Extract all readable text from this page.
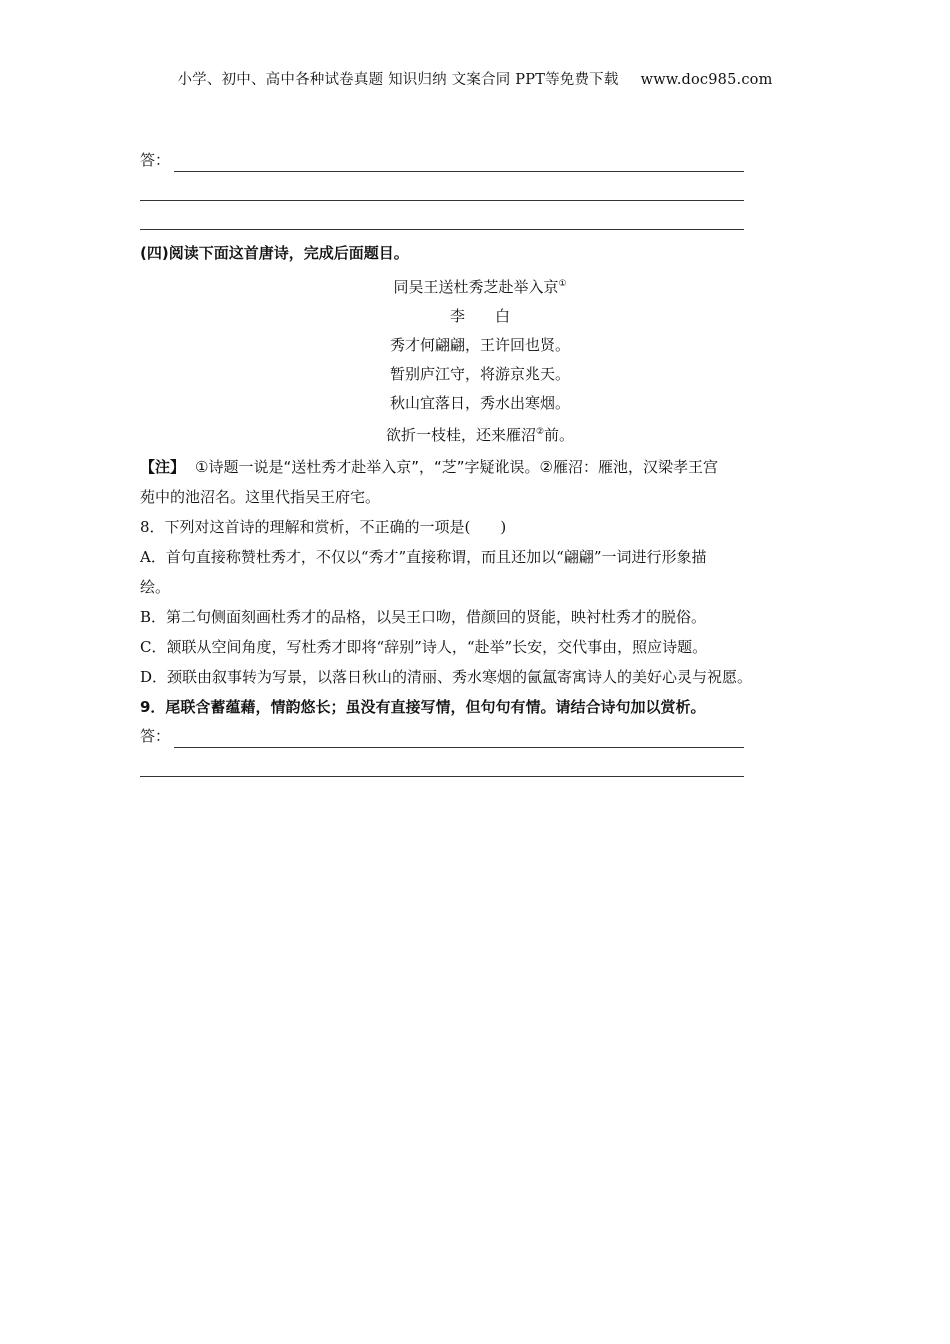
小学、初中、高中各种试卷真题 知识归纳 文案合同 PPT等免费下载 www.doc985.com
答：
(四)阅读下面这首唐诗，完成后面题目。
同吴王送杜秀芝赴举入京①
李 白
秀才何翩翩，王许回也贤。
暂别庐江守，将游京兆天。
秋山宜落日，秀水出寒烟。
欲折一枝桂，还来雁沼②前。
【注】 ①诗题一说是“送杜秀才赴举入京”，“芝”字疑讹误。②雁沼：雁池，汉梁孝王宫
苑中的池沼名。这里代指吴王府宅。
8．下列对这首诗的理解和赏析，不正确的一项是(　　)
A．首句直接称赞杜秀才，不仅以“秀才”直接称谓，而且还加以“翩翩”一词进行形象描
绘。
B．第二句侧面刻画杜秀才的品格，以吴王口吻，借颜回的贤能，映衬杜秀才的脱俗。
C．颔联从空间角度，写杜秀才即将“辞别”诗人，“赴举”长安，交代事由，照应诗题。
D．颈联由叙事转为写景，以落日秋山的清丽、秀水寒烟的氤氲寄寓诗人的美好心灵与祝愿。
9．尾联含蓄蕴藉，情韵悠长；虽没有直接写情，但句句有情。请结合诗句加以赏析。
答：
